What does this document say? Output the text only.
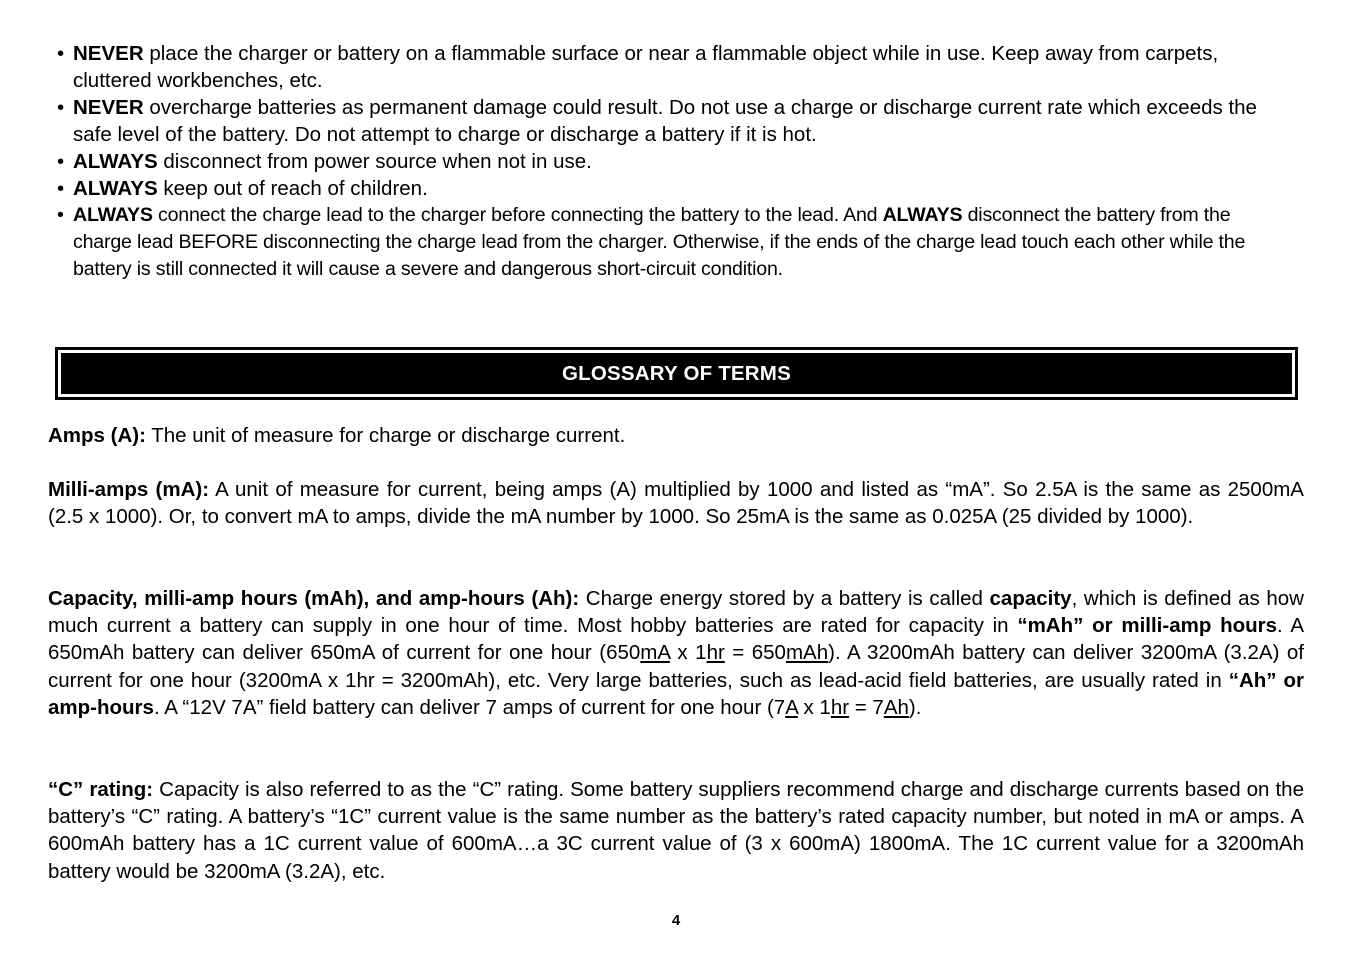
• NEVER place the charger or battery on a flammable surface or near a flammable object while in use. Keep away from carpets, cluttered workbenches, etc.
• NEVER overcharge batteries as permanent damage could result. Do not use a charge or discharge current rate which exceeds the safe level of the battery. Do not attempt to charge or discharge a battery if it is hot.
• ALWAYS disconnect from power source when not in use.
• ALWAYS keep out of reach of children.
• ALWAYS connect the charge lead to the charger before connecting the battery to the lead. And ALWAYS disconnect the battery from the charge lead BEFORE disconnecting the charge lead from the charger. Otherwise, if the ends of the charge lead touch each other while the battery is still connected it will cause a severe and dangerous short-circuit condition.
GLOSSARY OF TERMS

Amps (A): The unit of measure for charge or discharge current.

Milli-amps (mA): A unit of measure for current, being amps (A) multiplied by 1000 and listed as “mA”. So 2.5A is the same as 2500mA (2.5 x 1000). Or, to convert mA to amps, divide the mA number by 1000. So 25mA is the same as 0.025A (25 divided by 1000).

Capacity, milli-amp hours (mAh), and amp-hours (Ah): Charge energy stored by a battery is called capacity, which is defined as how much current a battery can supply in one hour of time. Most hobby batteries are rated for capacity in “mAh” or milli-amp hours. A 650mAh battery can deliver 650mA of current for one hour (650mA x 1hr = 650mAh). A 3200mAh battery can deliver 3200mA (3.2A) of current for one hour (3200mA x 1hr = 3200mAh), etc. Very large batteries, such as lead-acid field batteries, are usually rated in “Ah” or amp-hours. A “12V 7A” field battery can deliver 7 amps of current for one hour (7A x 1hr = 7Ah).

“C” rating: Capacity is also referred to as the “C” rating. Some battery suppliers recommend charge and discharge currents based on the battery’s “C” rating. A battery’s “1C” current value is the same number as the battery’s rated capacity number, but noted in mA or amps. A 600mAh battery has a 1C current value of 600mA…a 3C current value of (3 x 600mA) 1800mA. The 1C current value for a 3200mAh battery would be 3200mA (3.2A), etc.

4
